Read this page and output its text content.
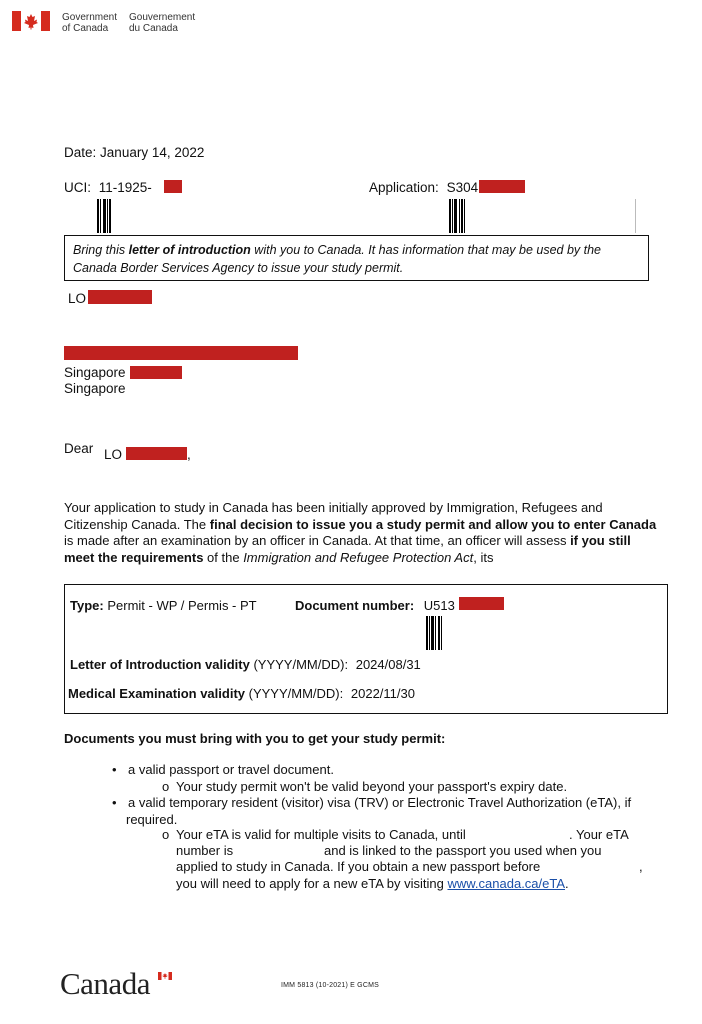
Government
of Canada
Gouvernement
du Canada
Date: January 14, 2022
UCI: 11-1925-	Application: S304
Bring this letter of introduction with you to Canada. It has information that may be used by the
Canada Border Services Agency to issue your study permit.
LO
Singapore
Singapore
Dear LO	,
Your application to study in Canada has been initially approved by Immigration, Refugees and Citizenship Canada. The final decision to issue you a study permit and allow you to enter Canada is made after an examination by an officer in Canada. At that time, an officer will assess if you still meet the requirements of the Immigration and Refugee Protection Act, its
Type: Permit - WP / Permis - PT	Document number: U513
Letter of Introduction validity (YYYY/MM/DD): 2024/08/31
Medical Examination validity (YYYY/MM/DD): 2022/11/30
Documents you must bring with you to get your study permit:
• a valid passport or travel document.
o Your study permit won't be valid beyond your passport's expiry date.
• a valid temporary resident (visitor) visa (TRV) or Electronic Travel Authorization (eTA), if required.
o Your eTA is valid for multiple visits to Canada, until	. Your eTA
number is	and is linked to the passport you used when you
applied to study in Canada. If you obtain a new passport before	,
you will need to apply for a new eTA by visiting www.canada.ca/eTA.
Canada	IMM 5813 (10-2021) E GCMS
